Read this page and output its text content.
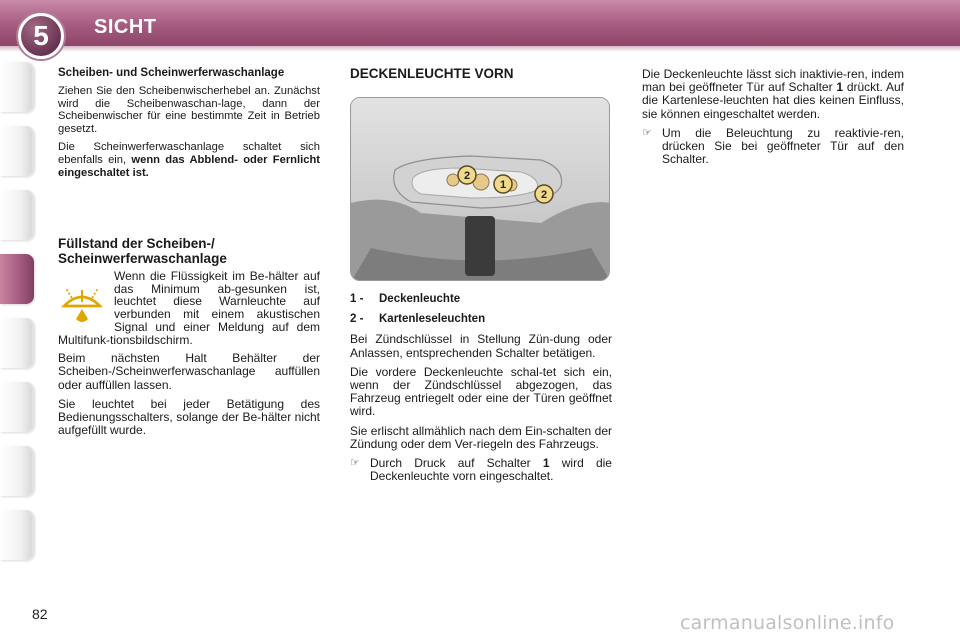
5 SICHT
Scheiben- und Scheinwerferwaschanlage

Ziehen Sie den Scheibenwischerhebel an. Zunächst wird die Scheibenwaschan-lage, dann der Scheibenwischer für eine bestimmte Zeit in Betrieb gesetzt.

Die Scheinwerferwaschanlage schaltet sich ebenfalls ein, wenn das Abblend- oder Fernlicht eingeschaltet ist.

Füllstand der Scheiben-/ Scheinwerferwaschanlage

Wenn die Flüssigkeit im Be-hälter auf das Minimum ab-gesunken ist, leuchtet diese Warnleuchte auf verbunden mit einem akustischen Signal und einer Meldung auf dem Multifunk-tionsbildschirm.

Beim nächsten Halt Behälter der Scheiben-/Scheinwerferwaschanlage auffüllen oder auffüllen lassen.

Sie leuchtet bei jeder Betätigung des Bedienungsschalters, solange der Be-hälter nicht aufgefüllt wurde.

DECKENLEUCHTE VORN
2
1
2
1 -	Deckenleuchte
2 -	Kartenleseleuchten

Bei Zündschlüssel in Stellung Zün-dung oder Anlassen, entsprechenden Schalter betätigen.

Die vordere Deckenleuchte schal-tet sich ein, wenn der Zündschlüssel abgezogen, das Fahrzeug entriegelt oder eine der Türen geöffnet wird.

Sie erlischt allmählich nach dem Ein-schalten der Zündung oder dem Ver-riegeln des Fahrzeugs.

☞ Durch Druck auf Schalter 1 wird die Deckenleuchte vorn eingeschaltet.

Die Deckenleuchte lässt sich inaktivie-ren, indem man bei geöffneter Tür auf Schalter 1 drückt. Auf die Kartenlese-leuchten hat dies keinen Einfluss, sie können eingeschaltet werden.

☞ Um die Beleuchtung zu reaktivie-ren, drücken Sie bei geöffneter Tür auf den Schalter.
82	carmanualsonline.info
